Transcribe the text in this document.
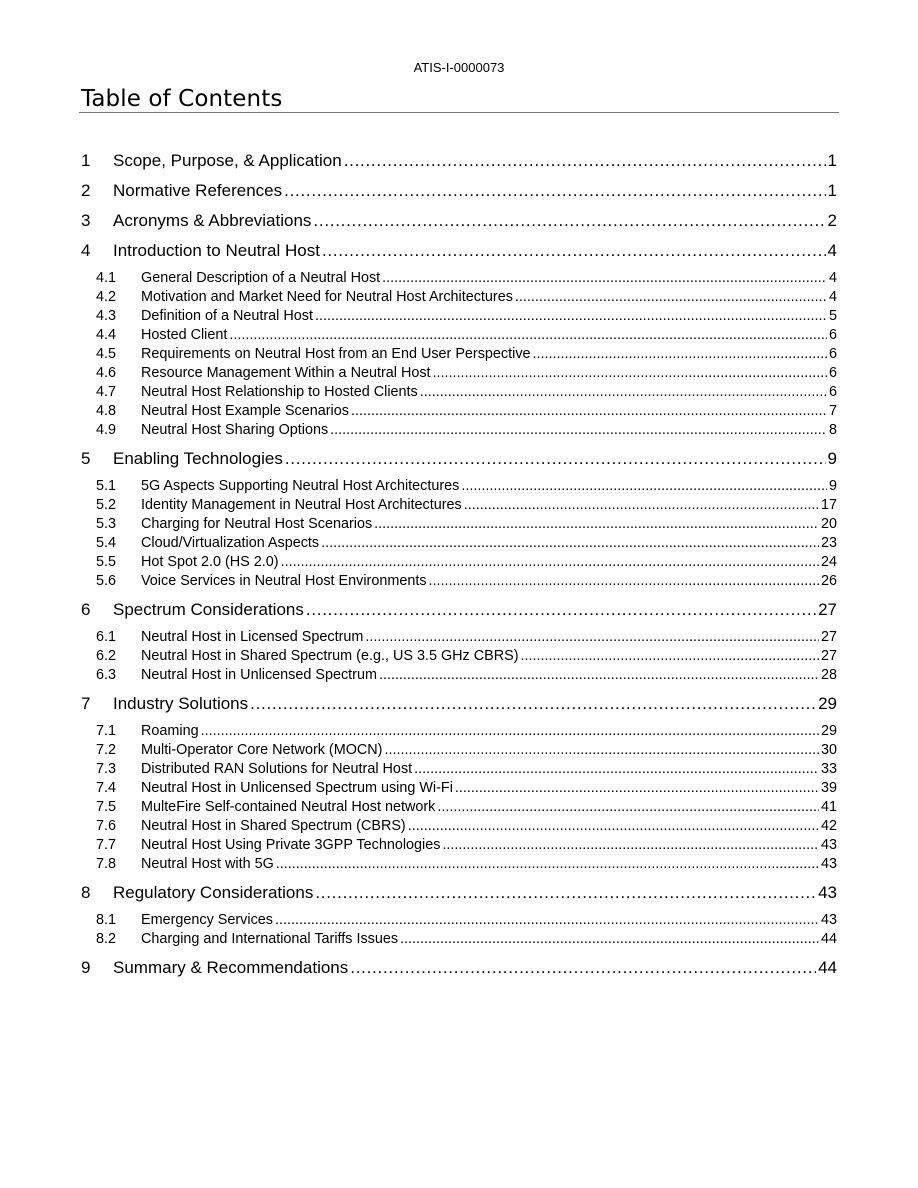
ATIS-I-0000073
Table of Contents
1	Scope, Purpose, & Application . . .	1
2	Normative References . . .	1
3	Acronyms & Abbreviations . . .	2
4	Introduction to Neutral Host . . .	4
4.1	General Description of a Neutral Host . . .	4
4.2	Motivation and Market Need for Neutral Host Architectures . . .	4
4.3	Definition of a Neutral Host . . .	5
4.4	Hosted Client . . .	6
4.5	Requirements on Neutral Host from an End User Perspective . . .	6
4.6	Resource Management Within a Neutral Host . . .	6
4.7	Neutral Host Relationship to Hosted Clients . . .	6
4.8	Neutral Host Example Scenarios . . .	7
4.9	Neutral Host Sharing Options . . .	8
5	Enabling Technologies . . .	9
5.1	5G Aspects Supporting Neutral Host Architectures . . .	9
5.2	Identity Management in Neutral Host Architectures . . .	17
5.3	Charging for Neutral Host Scenarios . . .	20
5.4	Cloud/Virtualization Aspects . . .	23
5.5	Hot Spot 2.0 (HS 2.0) . . .	24
5.6	Voice Services in Neutral Host Environments . . .	26
6	Spectrum Considerations . . .	27
6.1	Neutral Host in Licensed Spectrum . . .	27
6.2	Neutral Host in Shared Spectrum (e.g., US 3.5 GHz CBRS) . . .	27
6.3	Neutral Host in Unlicensed Spectrum . . .	28
7	Industry Solutions . . .	29
7.1	Roaming . . .	29
7.2	Multi-Operator Core Network (MOCN) . . .	30
7.3	Distributed RAN Solutions for Neutral Host . . .	33
7.4	Neutral Host in Unlicensed Spectrum using Wi-Fi . . .	39
7.5	MulteFire Self-contained Neutral Host network . . .	41
7.6	Neutral Host in Shared Spectrum (CBRS) . . .	42
7.7	Neutral Host Using Private 3GPP Technologies . . .	43
7.8	Neutral Host with 5G . . .	43
8	Regulatory Considerations . . .	43
8.1	Emergency Services . . .	43
8.2	Charging and International Tariffs Issues . . .	44
9	Summary & Recommendations . . .	44
